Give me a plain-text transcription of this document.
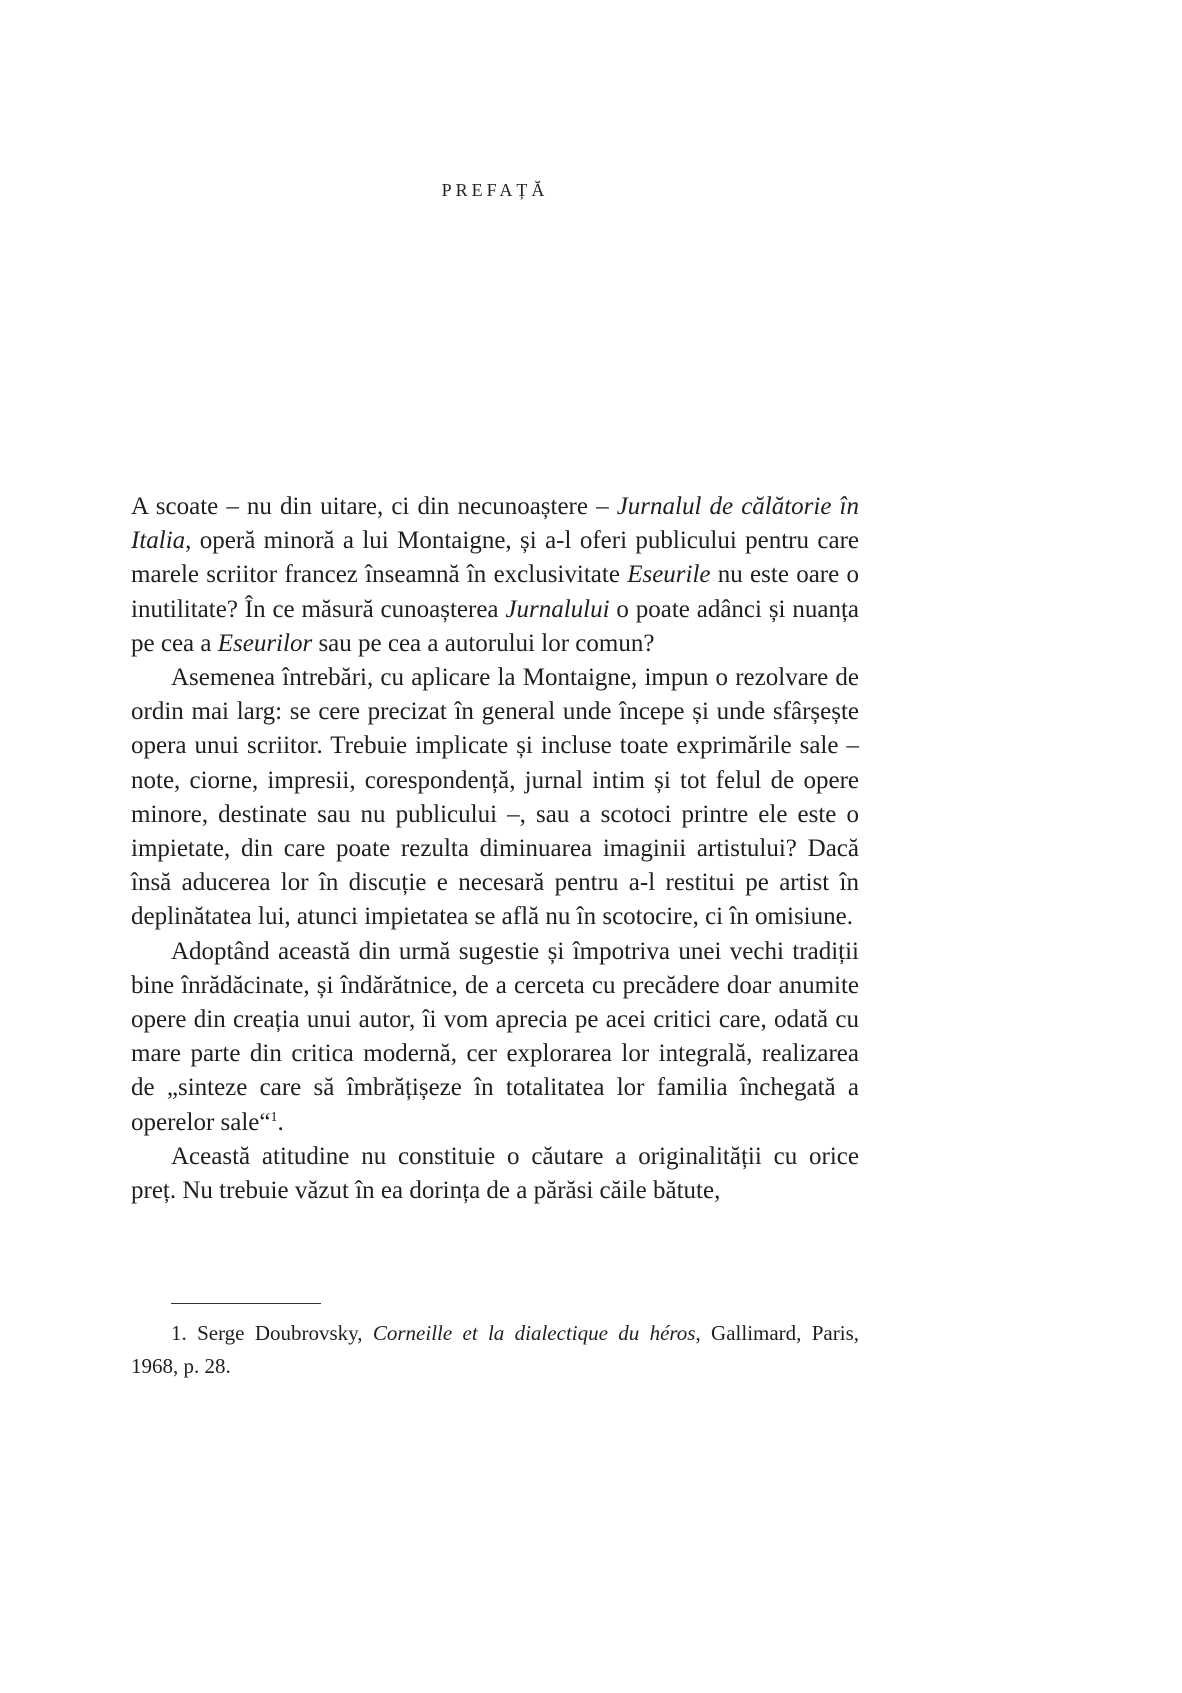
PREFAȚĂ

A scoate – nu din uitare, ci din necunoaștere – Jurnalul de călătorie în Italia, operă minoră a lui Montaigne, și a-l oferi publicului pentru care marele scriitor francez înseamnă în exclusivitate Eseurile nu este oare o inutilitate? În ce măsură cunoașterea Jurnalului o poate adânci și nuanța pe cea a Eseurilor sau pe cea a autorului lor comun?

Asemenea întrebări, cu aplicare la Montaigne, impun o rezolvare de ordin mai larg: se cere precizat în general unde începe și unde sfârșește opera unui scriitor. Trebuie implicate și incluse toate exprimările sale – note, ciorne, impresii, corespondență, jurnal intim și tot felul de opere minore, destinate sau nu publicului –, sau a scotoci printre ele este o impietate, din care poate rezulta diminuarea imaginii artistului? Dacă însă aducerea lor în discuție e necesară pentru a-l restitui pe artist în deplinătatea lui, atunci impietatea se află nu în scotocire, ci în omisiune.

Adoptând această din urmă sugestie și împotriva unei vechi tradiții bine înrădăcinate, și îndărătnice, de a cerceta cu precădere doar anumite opere din creația unui autor, îi vom aprecia pe acei critici care, odată cu mare parte din critica modernă, cer explorarea lor integrală, realizarea de „sinteze care să îmbrățișeze în totalitatea lor familia închegată a operelor sale“$^1$.

Această atitudine nu constituie o căutare a originalității cu orice preț. Nu trebuie văzut în ea dorința de a părăsi căile bătute,

1. Serge Doubrovsky, Corneille et la dialectique du héros, Gallimard, Paris, 1968, p. 28.
